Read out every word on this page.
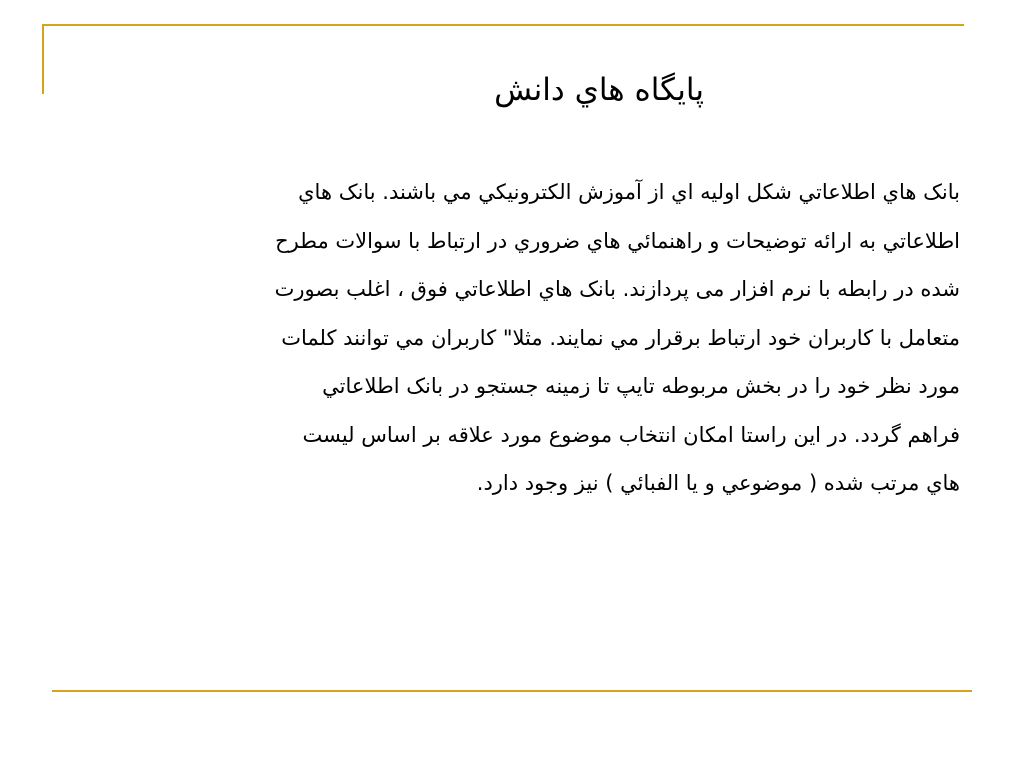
پايگاه هاي دانش
بانک هاي اطلاعاتي شكل اوليه اي از آموزش الكترونيكي مي باشند. بانک هاي
اطلاعاتي به ارائه توضيحات و راهنمائي هاي ضروري در ارتباط با سوالات مطرح
شده در رابطه با نرم افزار می پردازند. بانک هاي اطلاعاتي فوق ، اغلب بصورت
متعامل با كاربران خود ارتباط برقرار مي نمايند. مثلا" كاربران مي توانند كلمات
مورد نظر خود را در بخش مربوطه تايپ تا زمينه جستجو در بانک اطلاعاتي
فراهم گردد. در اين راستا امكان انتخاب موضوع مورد علاقه بر اساس ليست
هاي مرتب شده ( موضوعي و يا الفبائي ) نيز وجود دارد.
